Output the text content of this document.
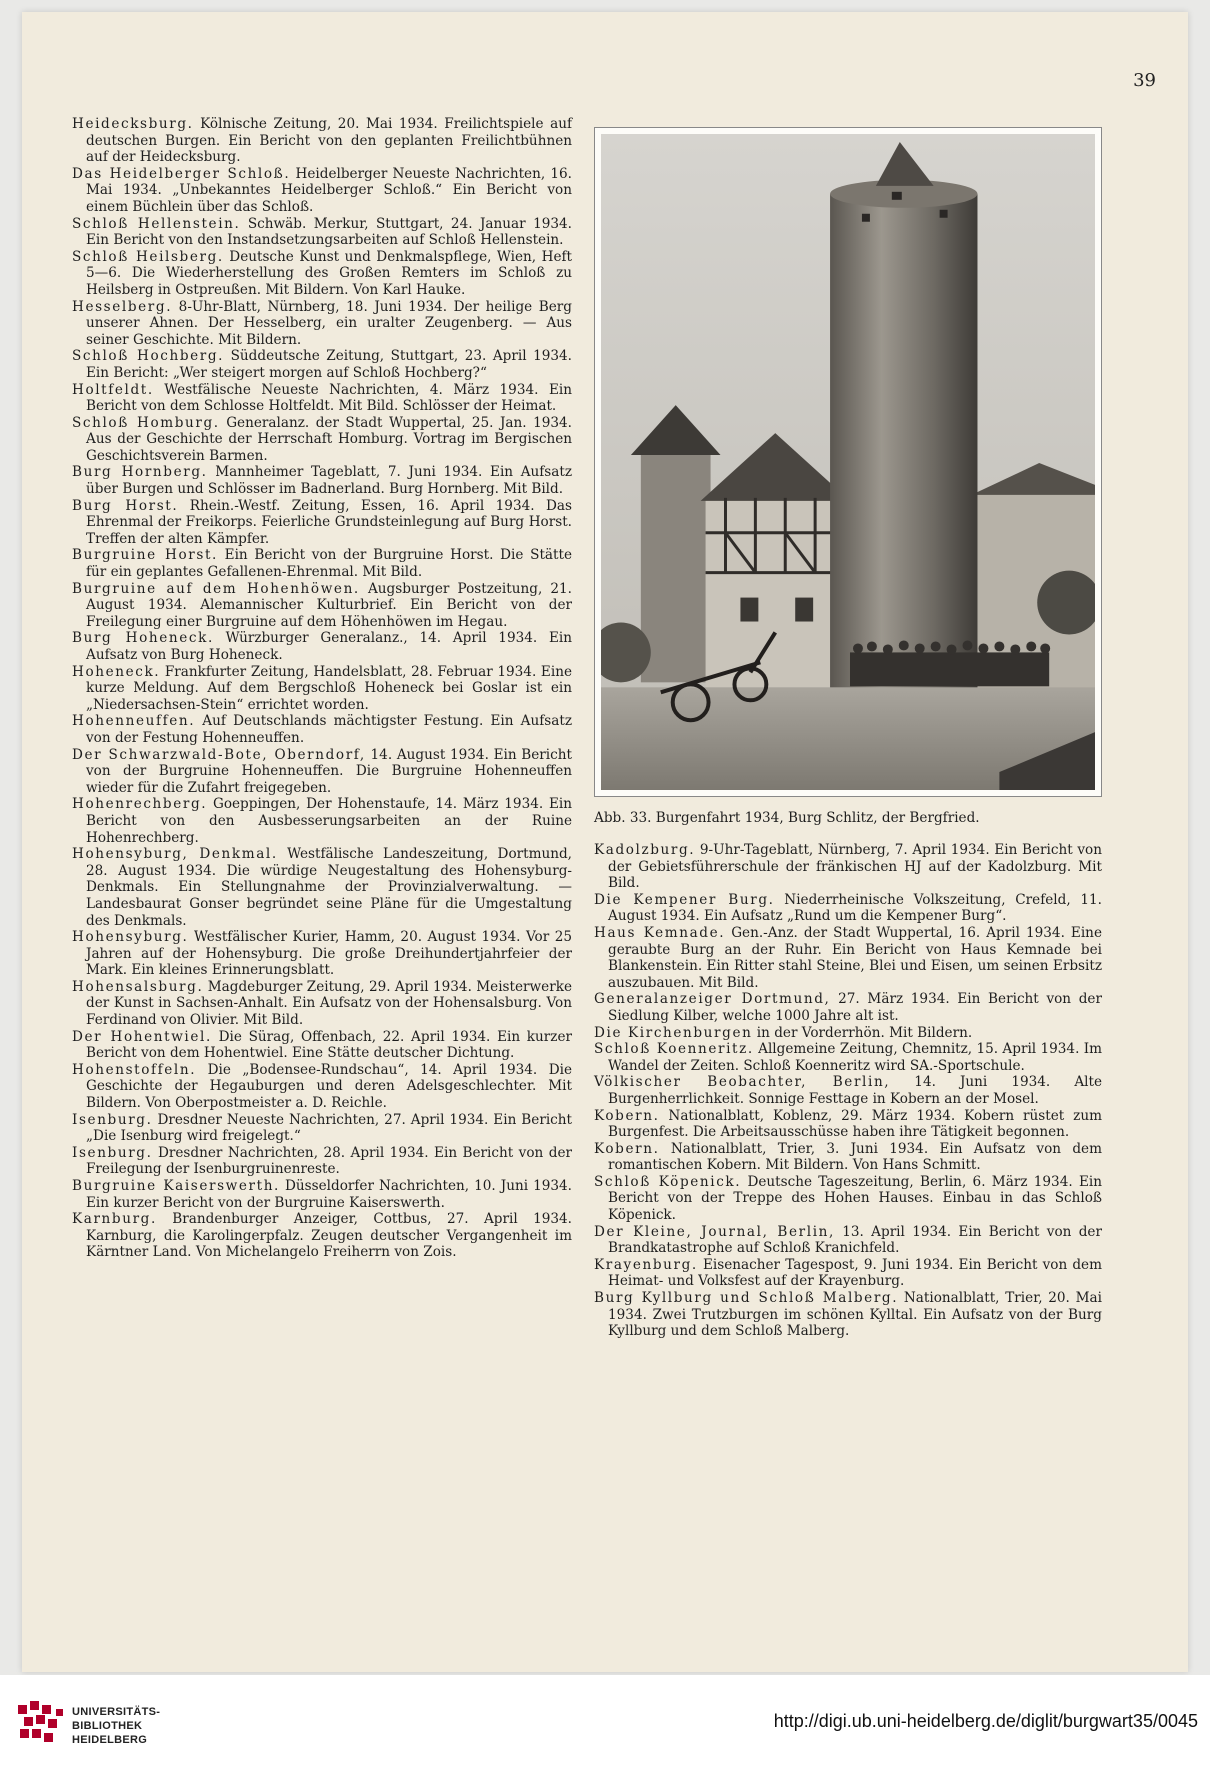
39

Heidecksburg. Kölnische Zeitung, 20. Mai 1934. Freilichtspiele auf deutschen Burgen. Ein Bericht von den geplanten Freilichtbühnen auf der Heidecksburg.

Das Heidelberger Schloß. Heidelberger Neueste Nachrichten, 16. Mai 1934. „Unbekanntes Heidelberger Schloß.“ Ein Bericht von einem Büchlein über das Schloß.

Schloß Hellenstein. Schwäb. Merkur, Stuttgart, 24. Januar 1934. Ein Bericht von den Instandsetzungsarbeiten auf Schloß Hellenstein.

Schloß Heilsberg. Deutsche Kunst und Denkmalspflege, Wien, Heft 5—6. Die Wiederherstellung des Großen Remters im Schloß zu Heilsberg in Ostpreußen. Mit Bildern. Von Karl Hauke.

Hesselberg. 8-Uhr-Blatt, Nürnberg, 18. Juni 1934. Der heilige Berg unserer Ahnen. Der Hesselberg, ein uralter Zeugenberg. — Aus seiner Geschichte. Mit Bildern.

Schloß Hochberg. Süddeutsche Zeitung, Stuttgart, 23. April 1934. Ein Bericht: „Wer steigert morgen auf Schloß Hochberg?“

Holtfeldt. Westfälische Neueste Nachrichten, 4. März 1934. Ein Bericht von dem Schlosse Holtfeldt. Mit Bild. Schlösser der Heimat.

Schloß Homburg. Generalanz. der Stadt Wuppertal, 25. Jan. 1934. Aus der Geschichte der Herrschaft Homburg. Vortrag im Bergischen Geschichtsverein Barmen.

Burg Hornberg. Mannheimer Tageblatt, 7. Juni 1934. Ein Aufsatz über Burgen und Schlösser im Badnerland. Burg Hornberg. Mit Bild.

Burg Horst. Rhein.-Westf. Zeitung, Essen, 16. April 1934. Das Ehrenmal der Freikorps. Feierliche Grundsteinlegung auf Burg Horst. Treffen der alten Kämpfer.

Burgruine Horst. Ein Bericht von der Burgruine Horst. Die Stätte für ein geplantes Gefallenen-Ehrenmal. Mit Bild.

Burgruine auf dem Hohenhöwen. Augsburger Postzeitung, 21. August 1934. Alemannischer Kulturbrief. Ein Bericht von der Freilegung einer Burgruine auf dem Höhenhöwen im Hegau.

Burg Hoheneck. Würzburger Generalanz., 14. April 1934. Ein Aufsatz von Burg Hoheneck.

Hoheneck. Frankfurter Zeitung, Handelsblatt, 28. Februar 1934. Eine kurze Meldung. Auf dem Bergschloß Hoheneck bei Goslar ist ein „Niedersachsen-Stein“ errichtet worden.

Hohenneuffen. Auf Deutschlands mächtigster Festung. Ein Aufsatz von der Festung Hohenneuffen.

Der Schwarzwald-Bote, Oberndorf, 14. August 1934. Ein Bericht von der Burgruine Hohenneuffen. Die Burgruine Hohenneuffen wieder für die Zufahrt freigegeben.

Hohenrechberg. Goeppingen, Der Hohenstaufe, 14. März 1934. Ein Bericht von den Ausbesserungsarbeiten an der Ruine Hohenrechberg.

Hohensyburg, Denkmal. Westfälische Landeszeitung, Dortmund, 28. August 1934. Die würdige Neugestaltung des Hohensyburg-Denkmals. Ein Stellungnahme der Provinzialverwaltung. — Landesbaurat Gonser begründet seine Pläne für die Umgestaltung des Denkmals.

Hohensyburg. Westfälischer Kurier, Hamm, 20. August 1934. Vor 25 Jahren auf der Hohensyburg. Die große Dreihundertjahrfeier der Mark. Ein kleines Erinnerungsblatt.

Hohensalsburg. Magdeburger Zeitung, 29. April 1934. Meisterwerke der Kunst in Sachsen-Anhalt. Ein Aufsatz von der Hohensalsburg. Von Ferdinand von Olivier. Mit Bild.

Der Hohentwiel. Die Sürag, Offenbach, 22. April 1934. Ein kurzer Bericht von dem Hohentwiel. Eine Stätte deutscher Dichtung.

Hohenstoffeln. Die „Bodensee-Rundschau“, 14. April 1934. Die Geschichte der Hegauburgen und deren Adelsgeschlechter. Mit Bildern. Von Oberpostmeister a. D. Reichle.

Isenburg. Dresdner Neueste Nachrichten, 27. April 1934. Ein Bericht „Die Isenburg wird freigelegt.“

Isenburg. Dresdner Nachrichten, 28. April 1934. Ein Bericht von der Freilegung der Isenburgruinenreste.

Burgruine Kaiserswerth. Düsseldorfer Nachrichten, 10. Juni 1934. Ein kurzer Bericht von der Burgruine Kaiserswerth.

Karnburg. Brandenburger Anzeiger, Cottbus, 27. April 1934. Karnburg, die Karolingerpfalz. Zeugen deutscher Vergangenheit im Kärntner Land. Von Michelangelo Freiherrn von Zois.

Abb. 33. Burgenfahrt 1934, Burg Schlitz, der Bergfried.

Kadolzburg. 9-Uhr-Tageblatt, Nürnberg, 7. April 1934. Ein Bericht von der Gebietsführerschule der fränkischen HJ auf der Kadolzburg. Mit Bild.

Die Kempener Burg. Niederrheinische Volkszeitung, Crefeld, 11. August 1934. Ein Aufsatz „Rund um die Kempener Burg“.

Haus Kemnade. Gen.-Anz. der Stadt Wuppertal, 16. April 1934. Eine geraubte Burg an der Ruhr. Ein Bericht von Haus Kemnade bei Blankenstein. Ein Ritter stahl Steine, Blei und Eisen, um seinen Erbsitz auszubauen. Mit Bild.

Generalanzeiger Dortmund, 27. März 1934. Ein Bericht von der Siedlung Kilber, welche 1000 Jahre alt ist.

Die Kirchenburgen in der Vorderrhön. Mit Bildern.

Schloß Koenneritz. Allgemeine Zeitung, Chemnitz, 15. April 1934. Im Wandel der Zeiten. Schloß Koenneritz wird SA.-Sportschule.

Völkischer Beobachter, Berlin, 14. Juni 1934. Alte Burgenherrlichkeit. Sonnige Festtage in Kobern an der Mosel.

Kobern. Nationalblatt, Koblenz, 29. März 1934. Kobern rüstet zum Burgenfest. Die Arbeitsausschüsse haben ihre Tätigkeit begonnen.

Kobern. Nationalblatt, Trier, 3. Juni 1934. Ein Aufsatz von dem romantischen Kobern. Mit Bildern. Von Hans Schmitt.

Schloß Köpenick. Deutsche Tageszeitung, Berlin, 6. März 1934. Ein Bericht von der Treppe des Hohen Hauses. Einbau in das Schloß Köpenick.

Der Kleine, Journal, Berlin, 13. April 1934. Ein Bericht von der Brandkatastrophe auf Schloß Kranichfeld.

Krayenburg. Eisenacher Tagespost, 9. Juni 1934. Ein Bericht von dem Heimat- und Volksfest auf der Krayenburg.

Burg Kyllburg und Schloß Malberg. Nationalblatt, Trier, 20. Mai 1934. Zwei Trutzburgen im schönen Kylltal. Ein Aufsatz von der Burg Kyllburg und dem Schloß Malberg.

UNIVERSITÄTS-
BIBLIOTHEK
HEIDELBERG
http://digi.ub.uni-heidelberg.de/diglit/burgwart35/0045
